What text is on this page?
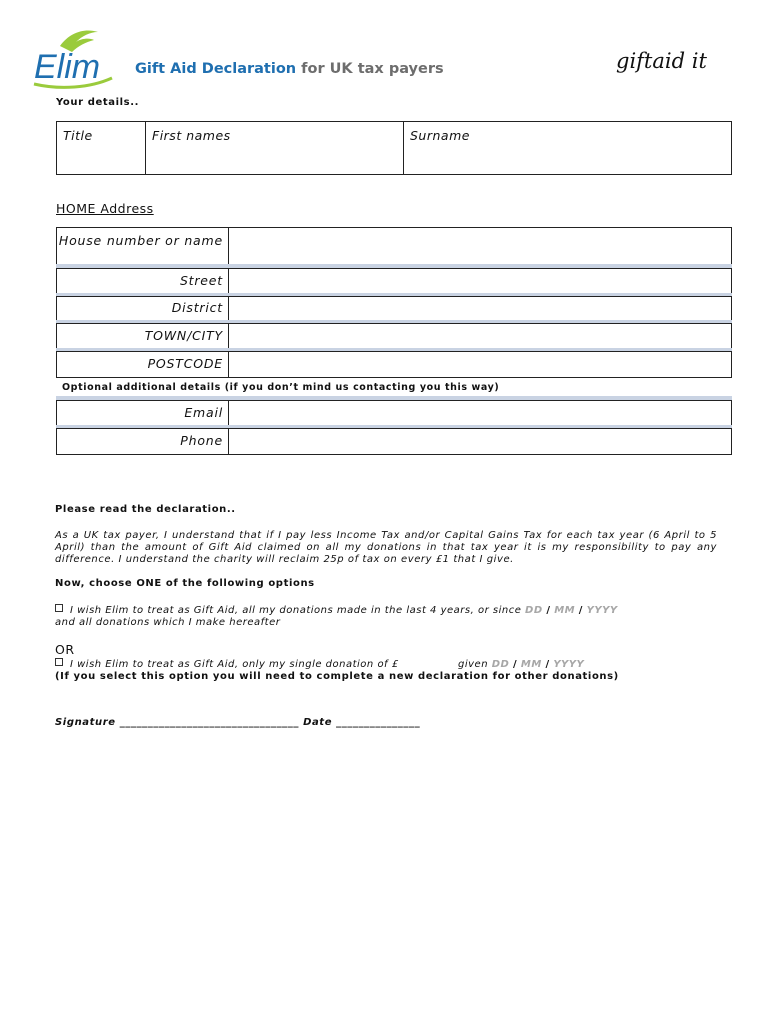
Elim Gift Aid Declaration for UK tax payers	giftaid it
Your details..
Title	First names	Surname
HOME Address
House number or name
Street
District
TOWN/CITY
POSTCODE
Optional additional details (if you don’t mind us contacting you this way)
Email
Phone
Please read the declaration..
As a UK tax payer, I understand that if I pay less Income Tax and/or Capital Gains Tax for each tax year (6 April to 5 April) than the amount of Gift Aid claimed on all my donations in that tax year it is my responsibility to pay any difference. I understand the charity will reclaim 25p of tax on every £1 that I give.
Now, choose ONE of the following options
I wish Elim to treat as Gift Aid, all my donations made in the last 4 years, or since DD / MM / YYYY
and all donations which I make hereafter
OR
I wish Elim to treat as Gift Aid, only my single donation of £	given DD / MM / YYYY
(If you select this option you will need to complete a new declaration for other donations)
Signature ________________________________ Date _______________
